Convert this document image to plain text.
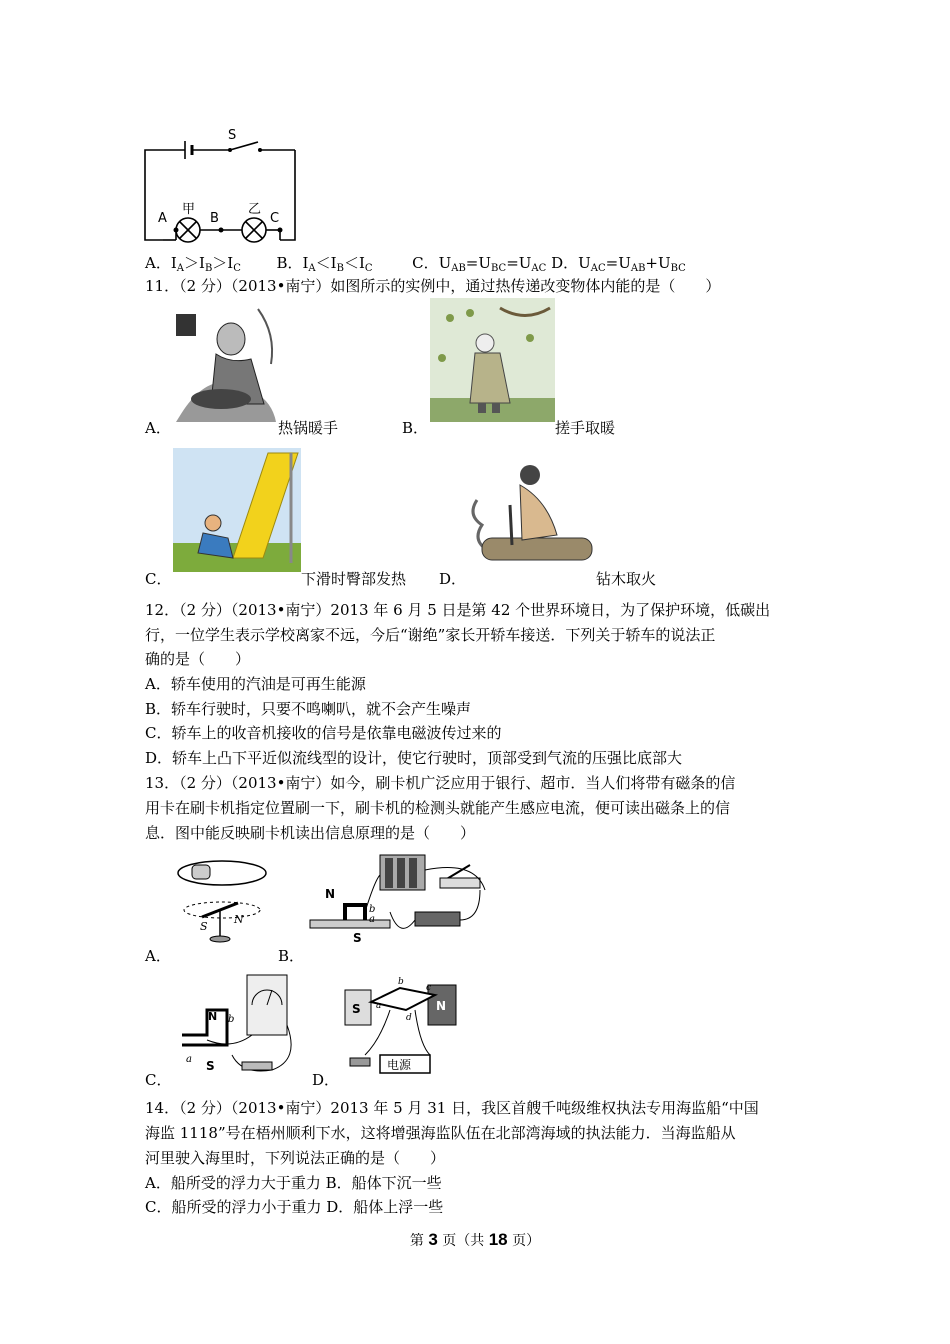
S
甲	乙
A	B	C
A．$I_A>I_B>I_C$ B．$I_A<I_B<I_C$	C．$U_{AB}=U_{BC}=U_{AC}$ D．$U_{AC}=U_{AB}+U_{BC}$
11．（2 分）（2013•南宁）如图所示的实例中，通过热传递改变物体内能的是（　　）
A．	热锅暖手	B．	搓手取暖
C．	下滑时臀部发热 D．	钻木取火
12．（2 分）（2013•南宁）2013 年 6 月 5 日是第 42 个世界环境日，为了保护环境，低碳出
行，一位学生表示学校离家不远，今后“谢绝”家长开轿车接送．下列关于轿车的说法正
确的是（　　）
A．轿车使用的汽油是可再生能源
B．轿车行驶时，只要不鸣喇叭，就不会产生噪声
C．轿车上的收音机接收的信号是依靠电磁波传过来的
D．轿车上凸下平近似流线型的设计，使它行驶时，顶部受到气流的压强比底部大
13．（2 分）（2013•南宁）如今，刷卡机广泛应用于银行、超市．当人们将带有磁条的信
用卡在刷卡机指定位置刷一下，刷卡机的检测头就能产生感应电流，便可读出磁条上的信
息．图中能反映刷卡机读出信息原理的是（　　）
S
N
A．
N
S
a
b
B．
N
S
a
b
C．
S	N
a
b
c
d
电源
D．
14．（2 分）（2013•南宁）2013 年 5 月 31 日，我区首艘千吨级维权执法专用海监船“中国
海监 1118”号在梧州顺利下水，这将增强海监队伍在北部湾海域的执法能力．当海监船从
河里驶入海里时，下列说法正确的是（　　）
A．船所受的浮力大于重力 B．船体下沉一些
C．船所受的浮力小于重力 D．船体上浮一些
第 3 页（共 18 页）
